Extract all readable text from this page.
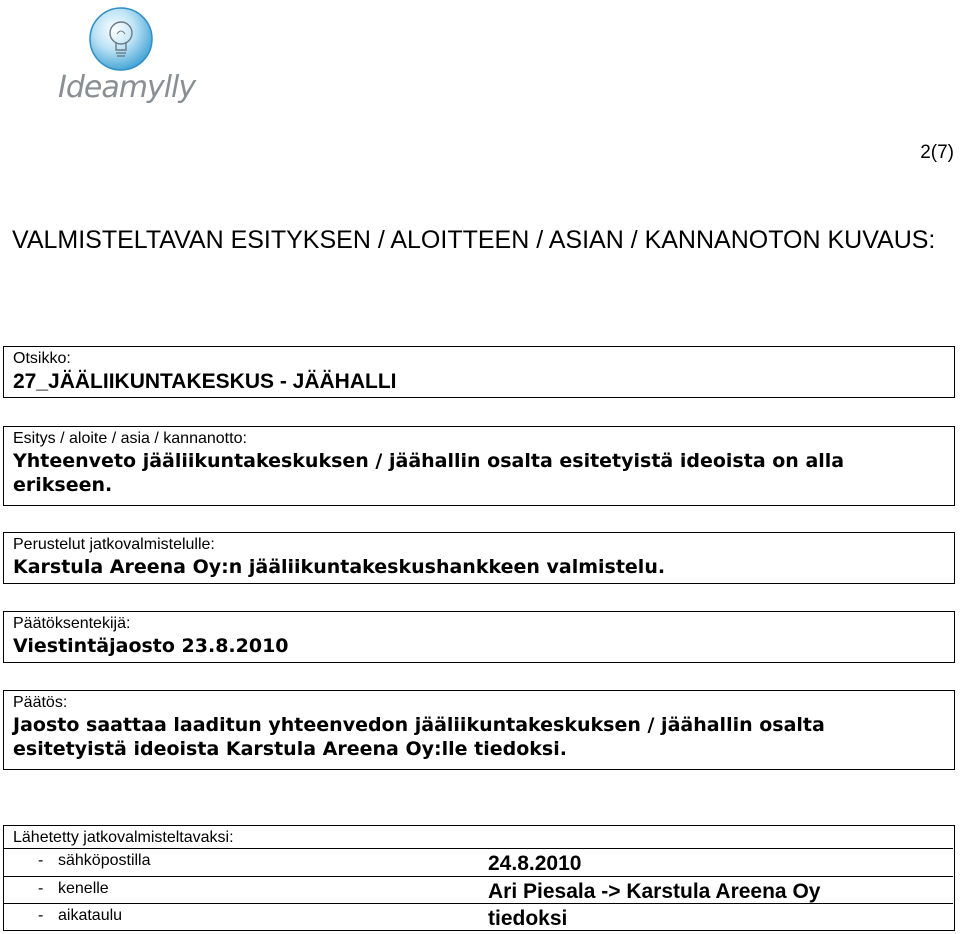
Ideamylly
2(7)
VALMISTELTAVAN ESITYKSEN / ALOITTEEN / ASIAN / KANNANOTON KUVAUS:
Otsikko:
27_JÄÄLIIKUNTAKESKUS - JÄÄHALLI
Esitys / aloite / asia / kannanotto:
Yhteenveto jääliikuntakeskuksen / jäähallin osalta esitetyistä ideoista on alla erikseen.
Perustelut jatkovalmistelulle:
Karstula Areena Oy:n jääliikuntakeskushankkeen valmistelu.
Päätöksentekijä:
Viestintäjaosto 23.8.2010
Päätös:
Jaosto saattaa laaditun yhteenvedon jääliikuntakeskuksen / jäähallin osalta esitetyistä ideoista Karstula Areena Oy:lle tiedoksi.
Lähetetty jatkovalmisteltavaksi:
- sähköpostilla	24.8.2010
- kenelle	Ari Piesala -> Karstula Areena Oy
- aikataulu	tiedoksi
